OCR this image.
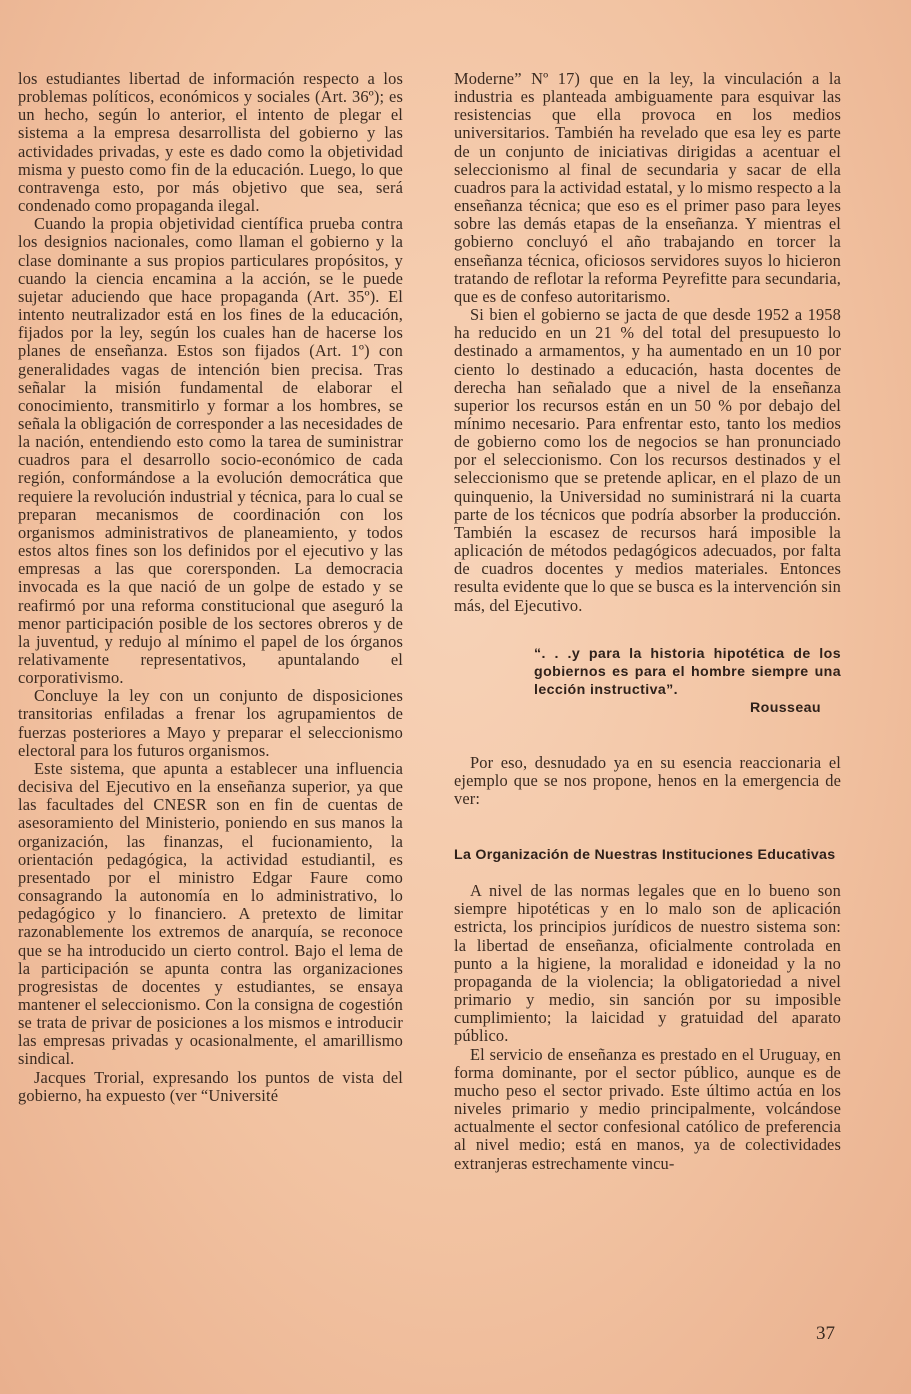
los estudiantes libertad de información respecto a los problemas políticos, económicos y sociales (Art. 36º); es un hecho, según lo anterior, el intento de plegar el sistema a la empresa desarrollista del gobierno y las actividades privadas, y este es dado como la objetividad misma y puesto como fin de la educación. Luego, lo que contravenga esto, por más objetivo que sea, será condenado como propaganda ilegal.

Cuando la propia objetividad científica prueba contra los designios nacionales, como llaman el gobierno y la clase dominante a sus propios particulares propósitos, y cuando la ciencia encamina a la acción, se le puede sujetar aduciendo que hace propaganda (Art. 35º). El intento neutralizador está en los fines de la educación, fijados por la ley, según los cuales han de hacerse los planes de enseñanza. Estos son fijados (Art. 1º) con generalidades vagas de intención bien precisa. Tras señalar la misión fundamental de elaborar el conocimiento, transmitirlo y formar a los hombres, se señala la obligación de corresponder a las necesidades de la nación, entendiendo esto como la tarea de suministrar cuadros para el desarrollo socio-económico de cada región, conformándose a la evolución democrática que requiere la revolución industrial y técnica, para lo cual se preparan mecanismos de coordinación con los organismos administrativos de planeamiento, y todos estos altos fines son los definidos por el ejecutivo y las empresas a las que corersponden. La democracia invocada es la que nació de un golpe de estado y se reafirmó por una reforma constitucional que aseguró la menor participación posible de los sectores obreros y de la juventud, y redujo al mínimo el papel de los órganos relativamente representativos, apuntalando el corporativismo.

Concluye la ley con un conjunto de disposiciones transitorias enfiladas a frenar los agrupamientos de fuerzas posteriores a Mayo y preparar el seleccionismo electoral para los futuros organismos.

Este sistema, que apunta a establecer una influencia decisiva del Ejecutivo en la enseñanza superior, ya que las facultades del CNESR son en fin de cuentas de asesoramiento del Ministerio, poniendo en sus manos la organización, las finanzas, el fucionamiento, la orientación pedagógica, la actividad estudiantil, es presentado por el ministro Edgar Faure como consagrando la autonomía en lo administrativo, lo pedagógico y lo financiero. A pretexto de limitar razonablemente los extremos de anarquía, se reconoce que se ha introducido un cierto control. Bajo el lema de la participación se apunta contra las organizaciones progresistas de docentes y estudiantes, se ensaya mantener el seleccionismo. Con la consigna de cogestión se trata de privar de posiciones a los mismos e introducir las empresas privadas y ocasionalmente, el amarillismo sindical.

Jacques Trorial, expresando los puntos de vista del gobierno, ha expuesto (ver “Université

Moderne” Nº 17) que en la ley, la vinculación a la industria es planteada ambiguamente para esquivar las resistencias que ella provoca en los medios universitarios. También ha revelado que esa ley es parte de un conjunto de iniciativas dirigidas a acentuar el seleccionismo al final de secundaria y sacar de ella cuadros para la actividad estatal, y lo mismo respecto a la enseñanza técnica; que eso es el primer paso para leyes sobre las demás etapas de la enseñanza. Y mientras el gobierno concluyó el año trabajando en torcer la enseñanza técnica, oficiosos servidores suyos lo hicieron tratando de reflotar la reforma Peyrefitte para secundaria, que es de confeso autoritarismo.

Si bien el gobierno se jacta de que desde 1952 a 1958 ha reducido en un 21 % del total del presupuesto lo destinado a armamentos, y ha aumentado en un 10 por ciento lo destinado a educación, hasta docentes de derecha han señalado que a nivel de la enseñanza superior los recursos están en un 50 % por debajo del mínimo necesario. Para enfrentar esto, tanto los medios de gobierno como los de negocios se han pronunciado por el seleccionismo. Con los recursos destinados y el seleccionismo que se pretende aplicar, en el plazo de un quinquenio, la Universidad no suministrará ni la cuarta parte de los técnicos que podría absorber la producción. También la escasez de recursos hará imposible la aplicación de métodos pedagógicos adecuados, por falta de cuadros docentes y medios materiales. Entonces resulta evidente que lo que se busca es la intervención sin más, del Ejecutivo.

“. . .y para la historia hipotética de los gobiernos es para el hombre siempre una lección instructiva”.
Rousseau

Por eso, desnudado ya en su esencia reaccionaria el ejemplo que se nos propone, henos en la emergencia de ver:

La Organización de Nuestras Instituciones Educativas

A nivel de las normas legales que en lo bueno son siempre hipotéticas y en lo malo son de aplicación estricta, los principios jurídicos de nuestro sistema son: la libertad de enseñanza, oficialmente controlada en punto a la higiene, la moralidad e idoneidad y la no propaganda de la violencia; la obligatoriedad a nivel primario y medio, sin sanción por su imposible cumplimiento; la laicidad y gratuidad del aparato público.

El servicio de enseñanza es prestado en el Uruguay, en forma dominante, por el sector público, aunque es de mucho peso el sector privado. Este último actúa en los niveles primario y medio principalmente, volcándose actualmente el sector confesional católico de preferencia al nivel medio; está en manos, ya de colectividades extranjeras estrechamente vincu-

37
